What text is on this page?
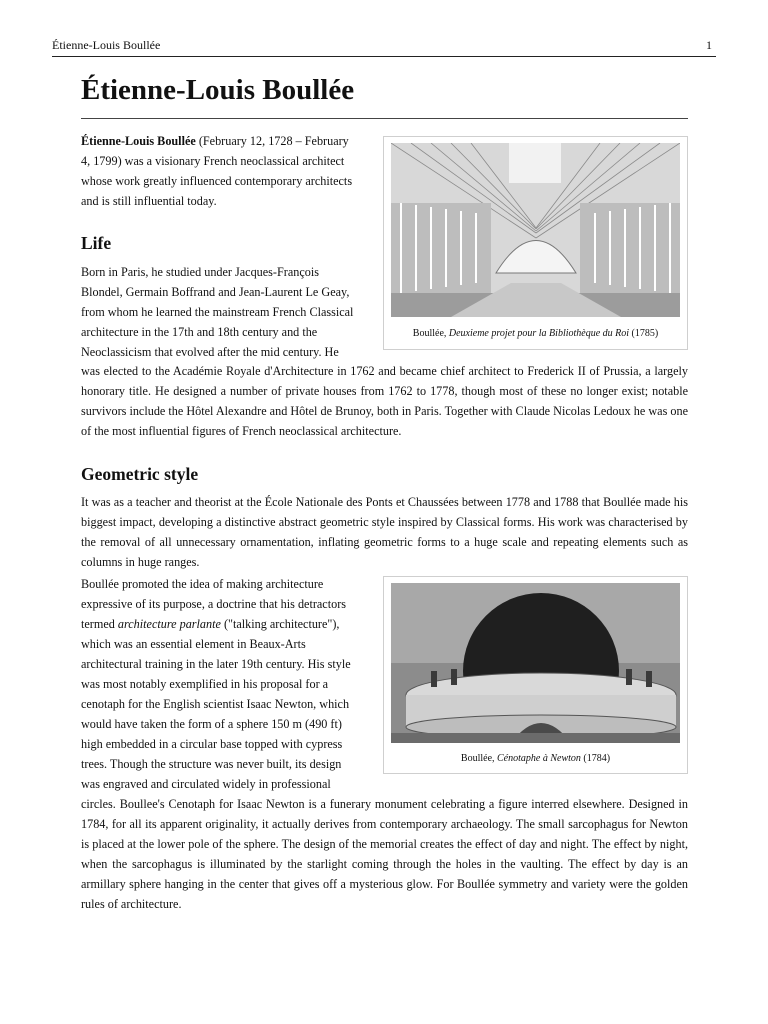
Étienne-Louis Boullée	1
Étienne-Louis Boullée

Étienne-Louis Boullée (February 12, 1728 – February

4, 1799) was a visionary French neoclassical architect

whose work greatly influenced contemporary architects

and is still influential today.

Boullée, Deuxieme projet pour la Bibliothèque du Roi (1785)
Life

Born in Paris, he studied under Jacques-François

Blondel, Germain Boffrand and Jean-Laurent Le Geay,

from whom he learned the mainstream French Classical

architecture in the 17th and 18th century and the

Neoclassicism that evolved after the mid century. He

was elected to the Académie Royale d'Architecture in 1762 and became chief architect to Frederick II of Prussia, a largely honorary title. He designed a number of private houses from 1762 to 1778, though most of these no longer exist; notable survivors include the Hôtel Alexandre and Hôtel de Brunoy, both in Paris. Together with Claude Nicolas Ledoux he was one of the most influential figures of French neoclassical architecture.

Geometric style

It was as a teacher and theorist at the École Nationale des Ponts et Chaussées between 1778 and 1788 that Boullée made his biggest impact, developing a distinctive abstract geometric style inspired by Classical forms. His work was characterised by the removal of all unnecessary ornamentation, inflating geometric forms to a huge scale and repeating elements such as columns in huge ranges.

Boullée promoted the idea of making architecture

expressive of its purpose, a doctrine that his detractors

termed architecture parlante ("talking architecture"),

which was an essential element in Beaux-Arts

architectural training in the later 19th century. His style

was most notably exemplified in his proposal for a

cenotaph for the English scientist Isaac Newton, which

would have taken the form of a sphere 150 m (490 ft)

high embedded in a circular base topped with cypress

trees. Though the structure was never built, its design

was engraved and circulated widely in professional

circles. Boullee's Cenotaph for Isaac Newton is a funerary monument celebrating a figure interred elsewhere. Designed in 1784, for all its apparent originality, it actually derives from contemporary archaeology. The small sarcophagus for Newton is placed at the lower pole of the sphere. The design of the memorial creates the effect of day and night. The effect by night, when the sarcophagus is illuminated by the starlight coming through the holes in the vaulting. The effect by day is an armillary sphere hanging in the center that gives off a mysterious glow. For Boullée symmetry and variety were the golden rules of architecture.

Boullée, Cénotaphe à Newton (1784)
